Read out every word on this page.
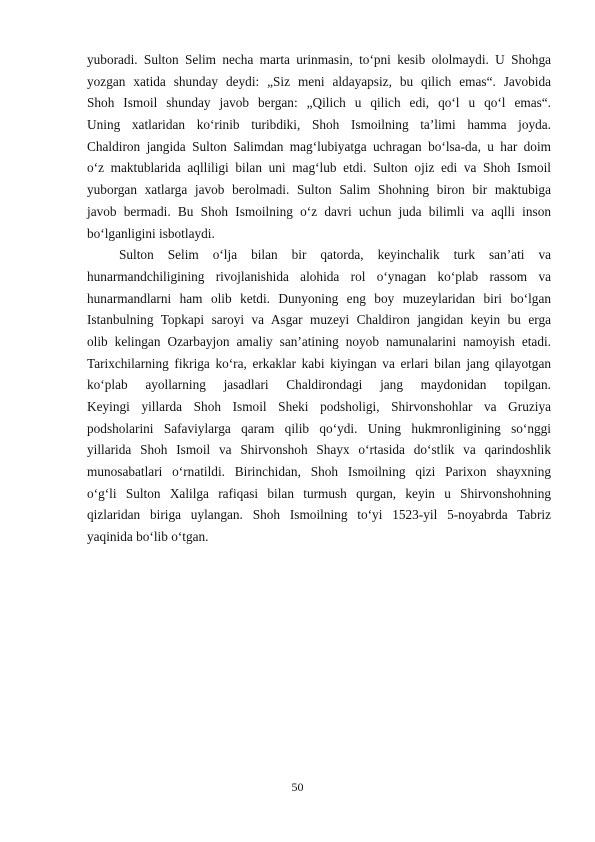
yuboradi. Sulton Selim necha marta urinmasin, to‘pni kesib ololmaydi. U Shohga
yozgan xatida shunday deydi: „Siz meni aldayapsiz, bu qilich emas“. Javobida
Shoh Ismoil shunday javob bergan: „Qilich u qilich edi, qo‘l u qo‘l emas“.
Uning xatlaridan ko‘rinib turibdiki, Shoh Ismoilning ta’limi hamma joyda.
Chaldiron jangida Sulton Salimdan mag‘lubiyatga uchragan bo‘lsa-da, u har doim
o‘z maktublarida aqlliligi bilan uni mag‘lub etdi. Sulton ojiz edi va Shoh Ismoil
yuborgan xatlarga javob berolmadi. Sulton Salim Shohning biron bir maktubiga
javob bermadi. Bu Shoh Ismoilning o‘z davri uchun juda bilimli va aqlli inson
bo‘lganligini isbotlaydi.
Sulton Selim o‘lja bilan bir qatorda, keyinchalik turk san’ati va
hunarmandchiligining rivojlanishida alohida rol o‘ynagan ko‘plab rassom va
hunarmandlarni ham olib ketdi. Dunyoning eng boy muzeylaridan biri bo‘lgan
Istanbulning Topkapi saroyi va Asgar muzeyi Chaldiron jangidan keyin bu erga
olib kelingan Ozarbayjon amaliy san’atining noyob namunalarini namoyish etadi.
Tarixchilarning fikriga ko‘ra, erkaklar kabi kiyingan va erlari bilan jang qilayotgan
ko‘plab ayollarning jasadlari Chaldirondagi jang maydonidan topilgan.
Keyingi yillarda Shoh Ismoil Sheki podsholigi, Shirvonshohlar va Gruziya
podsholarini Safaviylarga qaram qilib qo‘ydi. Uning hukmronligining so‘nggi
yillarida Shoh Ismoil va Shirvonshoh Shayx o‘rtasida do‘stlik va qarindoshlik
munosabatlari o‘rnatildi. Birinchidan, Shoh Ismoilning qizi Parixon shayxning
o‘g‘li Sulton Xalilga rafiqasi bilan turmush qurgan, keyin u Shirvonshohning
qizlaridan biriga uylangan. Shoh Ismoilning to‘yi 1523-yil 5-noyabrda Tabriz
yaqinida bo‘lib o‘tgan.
50
